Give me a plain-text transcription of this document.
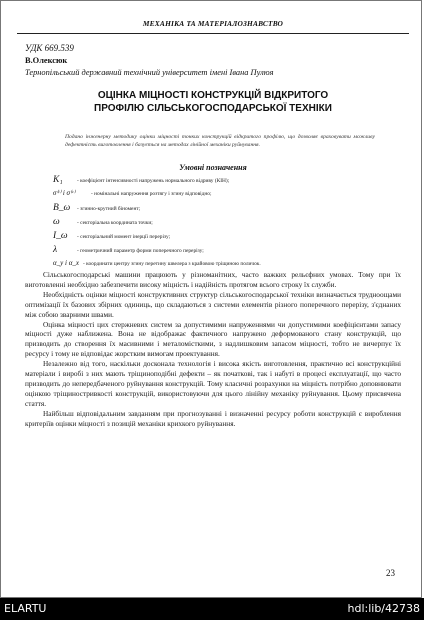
МЕХАНІКА ТА МАТЕРІАЛОЗНАВСТВО
УДК 669.539
В.Олексюк
Тернопільський державний технічний університет імені Івана Пулюя
ОЦІНКА МІЦНОСТІ КОНСТРУКЦІЙ ВІДКРИТОГО
ПРОФІЛЮ СІЛЬСЬКОГОСПОДАРСЬКОЇ ТЕХНІКИ
Подано інженерну методику оцінки міцності тонких конструкцій відкритого профілю, що дозволяє враховувати можливу дефектність виготовлення і базується на методах лінійної механіки руйнування.
Умовні позначення
K₁	- коефіцієнт інтенсивності напружень нормального відриву (КІН);
σ⁽ᵗ⁾ і σ⁽ᶜ⁾	- номінальні напруження розтягу і згину відповідно;
B_ω	- згинно-крутний біномент;
ω	- секторіальна координата точки;
I_ω	- секторіальний момент інерції перерізу;
λ	- геометричний параметр форми поперечного перерізу;
α_y і α_x - координати центру згину перетину швелера з крайовою тріщиною поличок.

Сільськогосподарські машини працюють у різноманітних, часто важких рельєфних умовах. Тому при їх виготовленні необхідно забезпечити високу міцність і надійність протягом всього строку їх служби.

Необхідність оцінки міцності конструктивних структур сільськогосподарської техніки визначається трудноощами оптимізації їх базових збірних одиниць, що складаються з системи елементів різного поперечного перерізу, з'єднаних між собою зварними швами.

Оцінка міцності цих стержневих систем за допустимими напруженнями чи допустимими коефіцієнтами запасу міцності дуже наближена. Вона не відображає фактичного напружено деформованого стану конструкцій, що призводить до створення їх масивними і металомісткими, з надлишковим запасом міцності, тобто не вичерпує їх ресурсу і тому не відповідає жорстким вимогам проектування.

Незалежно від того, наскільки досконала технологія і висока якість виготовлення, практично всі конструкційні матеріали і виробі з них мають тріщиноподібні дефекти – як початкові, так і набуті в процесі експлуатації, що часто призводить до непередбаченого руйнування конструкцій. Тому класичні розрахунки на міцність потрібно доповнювати оцінкою тріщиностривкості конструкцій, використовуючи для цього лінійну механіку руйнування. Цьому присвячена стаття.

Найбільш відповідальним завданням при прогнозуванні і визначенні ресурсу роботи конструкцій є вироблення критеріїв оцінки міцності з позицій механіки крихкого руйнування.

23
ELARTU	hdl:lib/42738
